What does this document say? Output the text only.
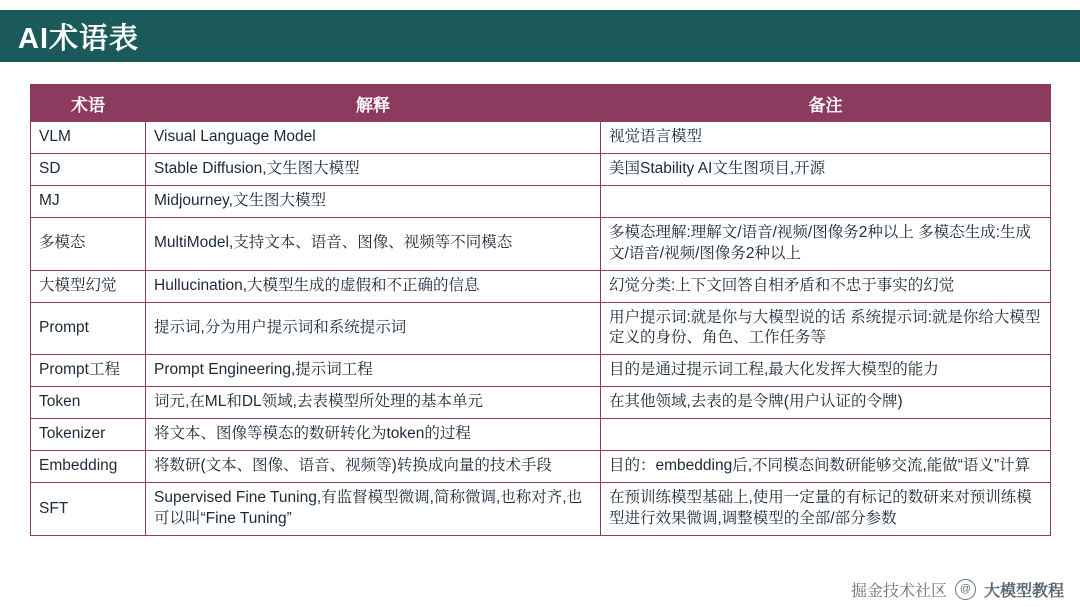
AI术语表
术语	解释	备注
VLM	Visual Language Model	视觉语言模型
SD	Stable Diffusion,文生图大模型	美国Stability AI文生图项目,开源
MJ	Midjourney,文生图大模型	
多模态	MultiModel,支持文本、语音、图像、视频等不同模态	多模态理解:理解文/语音/视频/图像务2种以上 多模态生成:生成文/语音/视频/图像务2种以上
大模型幻觉	Hullucination,大模型生成的虚假和不正确的信息	幻觉分类:上下文回答自相矛盾和不忠于事实的幻觉
Prompt	提示词,分为用户提示词和系统提示词	用户提示词:就是你与大模型说的话 系统提示词:就是你给大模型定义的身份、角色、工作任务等
Prompt工程	Prompt Engineering,提示词工程	目的是通过提示词工程,最大化发挥大模型的能力
Token	词元,在ML和DL领域,去表模型所处理的基本单元	在其他领域,去表的是令牌(用户认证的令牌)
Tokenizer	将文本、图像等模态的数研转化为token的过程	
Embedding	将数研(文本、图像、语音、视频等)转换成向量的技术手段	目的：embedding后,不同模态间数研能够交流,能做“语义”计算
SFT	Supervised Fine Tuning,有监督模型微调,简称微调,也称对齐,也可以叫“Fine Tuning”	在预训练模型基础上,使用一定量的有标记的数研来对预训练模型进行效果微调,调整模型的全部/部分参数
掘金技术社区	@ 大模型教程
